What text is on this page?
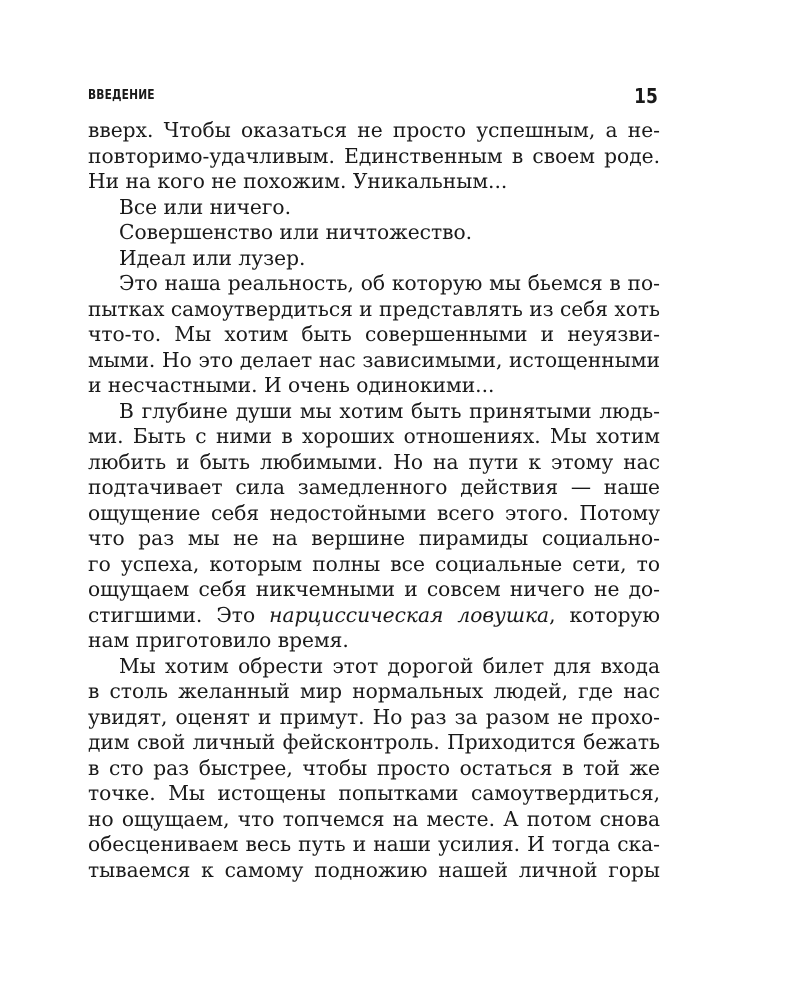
ВВЕДЕНИЕ	15
вверх. Чтобы оказаться не просто успешным, а не-
повторимо-удачливым. Единственным в своем роде.
Ни на кого не похожим. Уникальным...
Все или ничего.
Совершенство или ничтожество.
Идеал или лузер.
Это наша реальность, об которую мы бьемся в по-
пытках самоутвердиться и представлять из себя хоть
что-то. Мы хотим быть совершенными и неуязви-
мыми. Но это делает нас зависимыми, истощенными
и несчастными. И очень одинокими...
В глубине души мы хотим быть принятыми людь-
ми. Быть с ними в хороших отношениях. Мы хотим
любить и быть любимыми. Но на пути к этому нас
подтачивает сила замедленного действия — наше
ощущение себя недостойными всего этого. Потому
что раз мы не на вершине пирамиды социально-
го успеха, которым полны все социальные сети, то
ощущаем себя никчемными и совсем ничего не до-
стигшими. Это нарциссическая ловушка, которую
нам приготовило время.
Мы хотим обрести этот дорогой билет для входа
в столь желанный мир нормальных людей, где нас
увидят, оценят и примут. Но раз за разом не прохо-
дим свой личный фейсконтроль. Приходится бежать
в сто раз быстрее, чтобы просто остаться в той же
точке. Мы истощены попытками самоутвердиться,
но ощущаем, что топчемся на месте. А потом снова
обесцениваем весь путь и наши усилия. И тогда ска-
тываемся к самому подножию нашей личной горы
